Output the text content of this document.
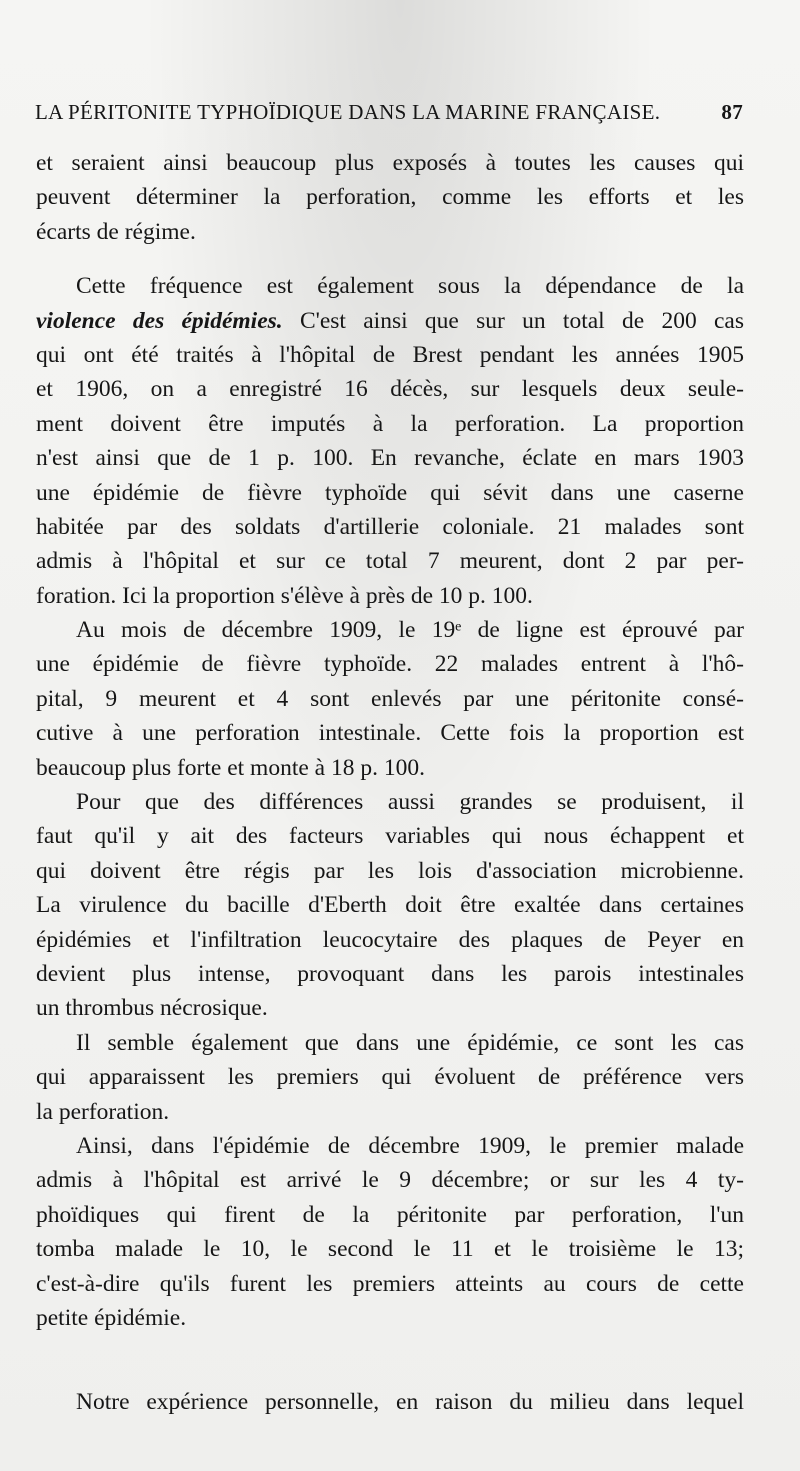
LA PÉRITONITE TYPHOÏDIQUE DANS LA MARINE FRANÇAISE.	87
et seraient ainsi beaucoup plus exposés à toutes les causes qui
peuvent déterminer la perforation, comme les efforts et les
écarts de régime.
Cette fréquence est également sous la dépendance de la
violence des épidémies. C'est ainsi que sur un total de 200 cas
qui ont été traités à l'hôpital de Brest pendant les années 1905
et 1906, on a enregistré 16 décès, sur lesquels deux seule-
ment doivent être imputés à la perforation. La proportion
n'est ainsi que de 1 p. 100. En revanche, éclate en mars 1903
une épidémie de fièvre typhoïde qui sévit dans une caserne
habitée par des soldats d'artillerie coloniale. 21 malades sont
admis à l'hôpital et sur ce total 7 meurent, dont 2 par per-
foration. Ici la proportion s'élève à près de 10 p. 100.
Au mois de décembre 1909, le 19ᵉ de ligne est éprouvé par
une épidémie de fièvre typhoïde. 22 malades entrent à l'hô-
pital, 9 meurent et 4 sont enlevés par une péritonite consé-
cutive à une perforation intestinale. Cette fois la proportion est
beaucoup plus forte et monte à 18 p. 100.
Pour que des différences aussi grandes se produisent, il
faut qu'il y ait des facteurs variables qui nous échappent et
qui doivent être régis par les lois d'association microbienne.
La virulence du bacille d'Eberth doit être exaltée dans certaines
épidémies et l'infiltration leucocytaire des plaques de Peyer en
devient plus intense, provoquant dans les parois intestinales
un thrombus nécrosique.
Il semble également que dans une épidémie, ce sont les cas
qui apparaissent les premiers qui évoluent de préférence vers
la perforation.
Ainsi, dans l'épidémie de décembre 1909, le premier malade
admis à l'hôpital est arrivé le 9 décembre; or sur les 4 ty-
phoïdiques qui firent de la péritonite par perforation, l'un
tomba malade le 10, le second le 11 et le troisième le 13;
c'est-à-dire qu'ils furent les premiers atteints au cours de cette
petite épidémie.
Notre expérience personnelle, en raison du milieu dans lequel
